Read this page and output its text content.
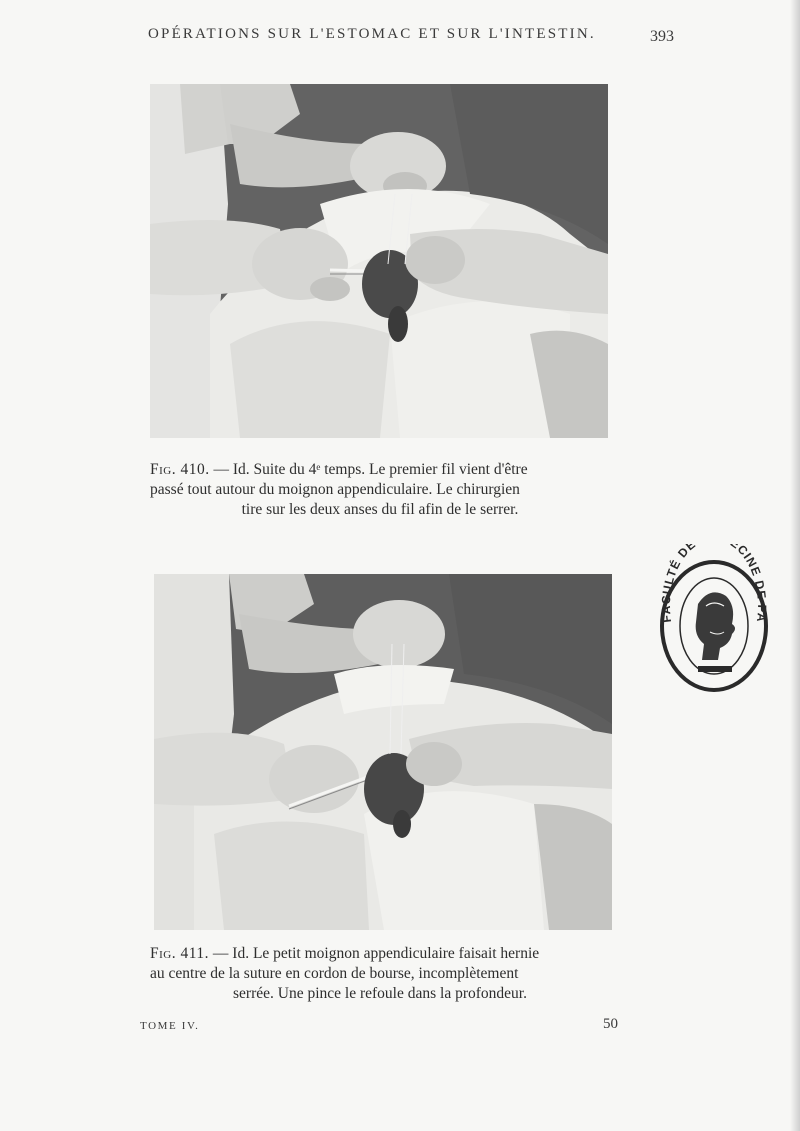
OPÉRATIONS SUR L'ESTOMAC ET SUR L'INTESTIN.	393
Fig. 410. — Id. Suite du 4ᵉ temps. Le premier fil vient d'être
passé tout autour du moignon appendiculaire. Le chirurgien
tire sur les deux anses du fil afin de le serrer.
Fig. 411. — Id. Le petit moignon appendiculaire faisait hernie
au centre de la suture en cordon de bourse, incomplètement
serrée. Une pince le refoule dans la profondeur.
FACULTÉ DE CINE DE PA
TOME IV.	50
